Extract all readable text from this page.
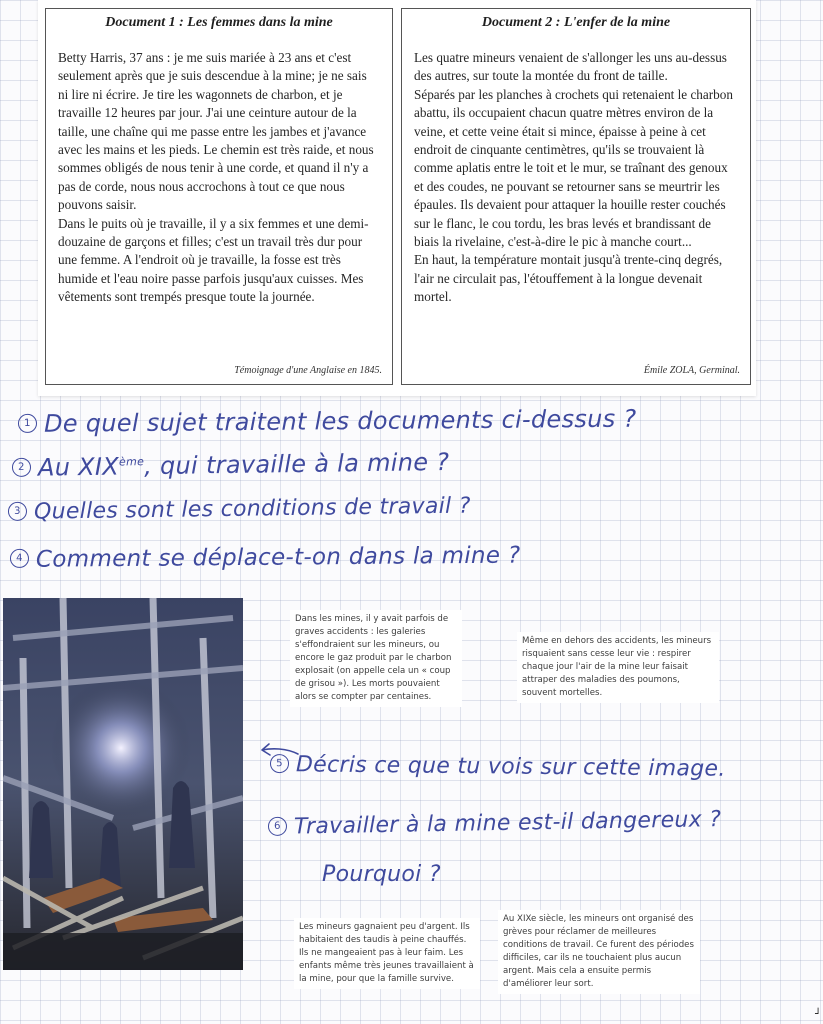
Document 1 : Les femmes dans la mine

Betty Harris, 37 ans : je me suis mariée à 23 ans et c'est seulement après que je suis descendue à la mine; je ne sais ni lire ni écrire. Je tire les wagonnets de charbon, et je travaille 12 heures par jour. J'ai une ceinture autour de la taille, une chaîne qui me passe entre les jambes et j'avance avec les mains et les pieds. Le chemin est très raide, et nous sommes obligés de nous tenir à une corde, et quand il n'y a pas de corde, nous nous accrochons à tout ce que nous pouvons saisir.

Dans le puits où je travaille, il y a six femmes et une demi-douzaine de garçons et filles; c'est un travail très dur pour une femme. A l'endroit où je travaille, la fosse est très humide et l'eau noire passe parfois jusqu'aux cuisses. Mes vêtements sont trempés presque toute la journée.

Témoignage d'une Anglaise en 1845.
Document 2 : L'enfer de la mine

Les quatre mineurs venaient de s'allonger les uns au-dessus des autres, sur toute la montée du front de taille.

Séparés par les planches à crochets qui retenaient le charbon abattu, ils occupaient chacun quatre mètres environ de la veine, et cette veine était si mince, épaisse à peine à cet endroit de cinquante centimètres, qu'ils se trouvaient là comme aplatis entre le toit et le mur, se traînant des genoux et des coudes, ne pouvant se retourner sans se meurtrir les épaules. Ils devaient pour attaquer la houille rester couchés sur le flanc, le cou tordu, les bras levés et brandissant de biais la rivelaine, c'est-à-dire le pic à manche court...

En haut, la température montait jusqu'à trente-cinq degrés, l'air ne circulait pas, l'étouffement à la longue devenait mortel.

Émile ZOLA, Germinal.
1 De quel sujet traitent les documents ci-dessus ?
2 Au XIXème, qui travaille à la mine ?
3 Quelles sont les conditions de travail ?
4 Comment se déplace-t-on dans la mine ?
5 Décris ce que tu vois sur cette image.
6 Travailler à la mine est-il dangereux ?
Pourquoi ?
Dans les mines, il y avait parfois de graves accidents : les galeries s'effondraient sur les mineurs, ou encore le gaz produit par le charbon explosait (on appelle cela un « coup de grisou »). Les morts pouvaient alors se compter par centaines.
Même en dehors des accidents, les mineurs risquaient sans cesse leur vie : respirer chaque jour l'air de la mine leur faisait attraper des maladies des poumons, souvent mortelles.
Les mineurs gagnaient peu d'argent. Ils habitaient des taudis à peine chauffés. Ils ne mangeaient pas à leur faim. Les enfants même très jeunes travaillaient à la mine, pour que la famille survive.
Au XIXe siècle, les mineurs ont organisé des grèves pour réclamer de meilleures conditions de travail. Ce furent des périodes difficiles, car ils ne touchaient plus aucun argent. Mais cela a ensuite permis d'améliorer leur sort.
┘
